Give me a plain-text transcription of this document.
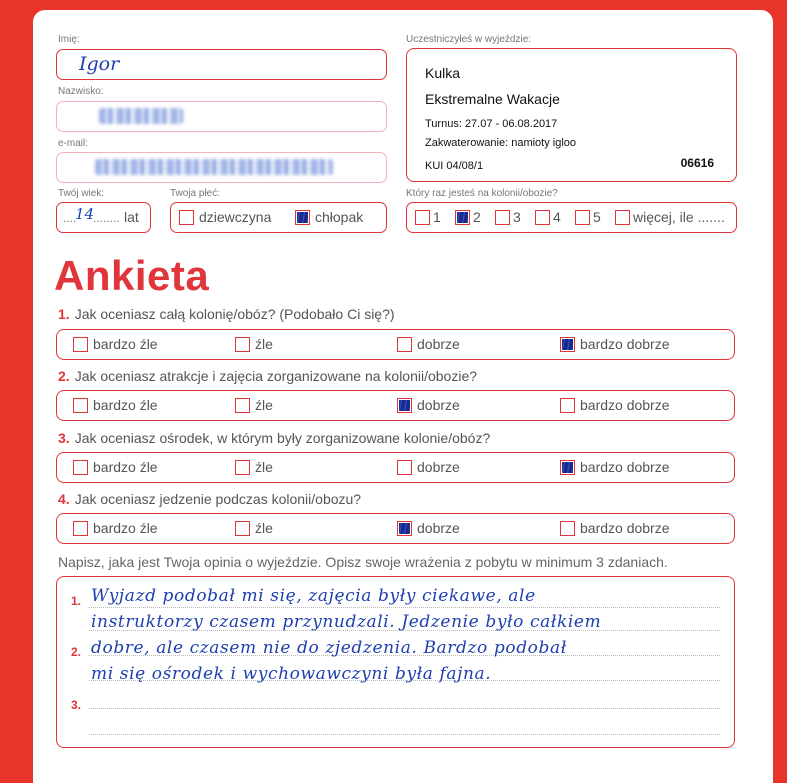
Imię:
Igor
Nazwisko:
e-mail:
Twój wiek:
....
14
........ lat
Twoja płeć:
dziewczyna	chłopak
Uczestniczyłeś w wyjeździe:
Kulka
Ekstremalne Wakacje
Turnus: 27.07 - 06.08.2017
Zakwaterowanie: namioty igloo
KUI 04/08/1	06616
Który raz jesteś na kolonii/obozie?
1 2 3 4 5 więcej, ile .......
Ankieta
1. Jak oceniasz całą kolonię/obóz? (Podobało Ci się?)
bardzo źle	źle	dobrze	bardzo dobrze
2. Jak oceniasz atrakcje i zajęcia zorganizowane na kolonii/obozie?
bardzo źle	źle	dobrze	bardzo dobrze
3. Jak oceniasz ośrodek, w którym były zorganizowane kolonie/obóz?
bardzo źle	źle	dobrze	bardzo dobrze
4. Jak oceniasz jedzenie podczas kolonii/obozu?
bardzo źle	źle	dobrze	bardzo dobrze
Napisz, jaka jest Twoja opinia o wyjeździe. Opisz swoje wrażenia z pobytu w minimum 3 zdaniach.
1.
2.
3.
Wyjazd podobał mi się, zajęcia były ciekawe, ale
instruktorzy czasem przynudzali. Jedzenie było całkiem
dobre, ale czasem nie do zjedzenia. Bardzo podobał
mi się ośrodek i wychowawczyni była fajna.
